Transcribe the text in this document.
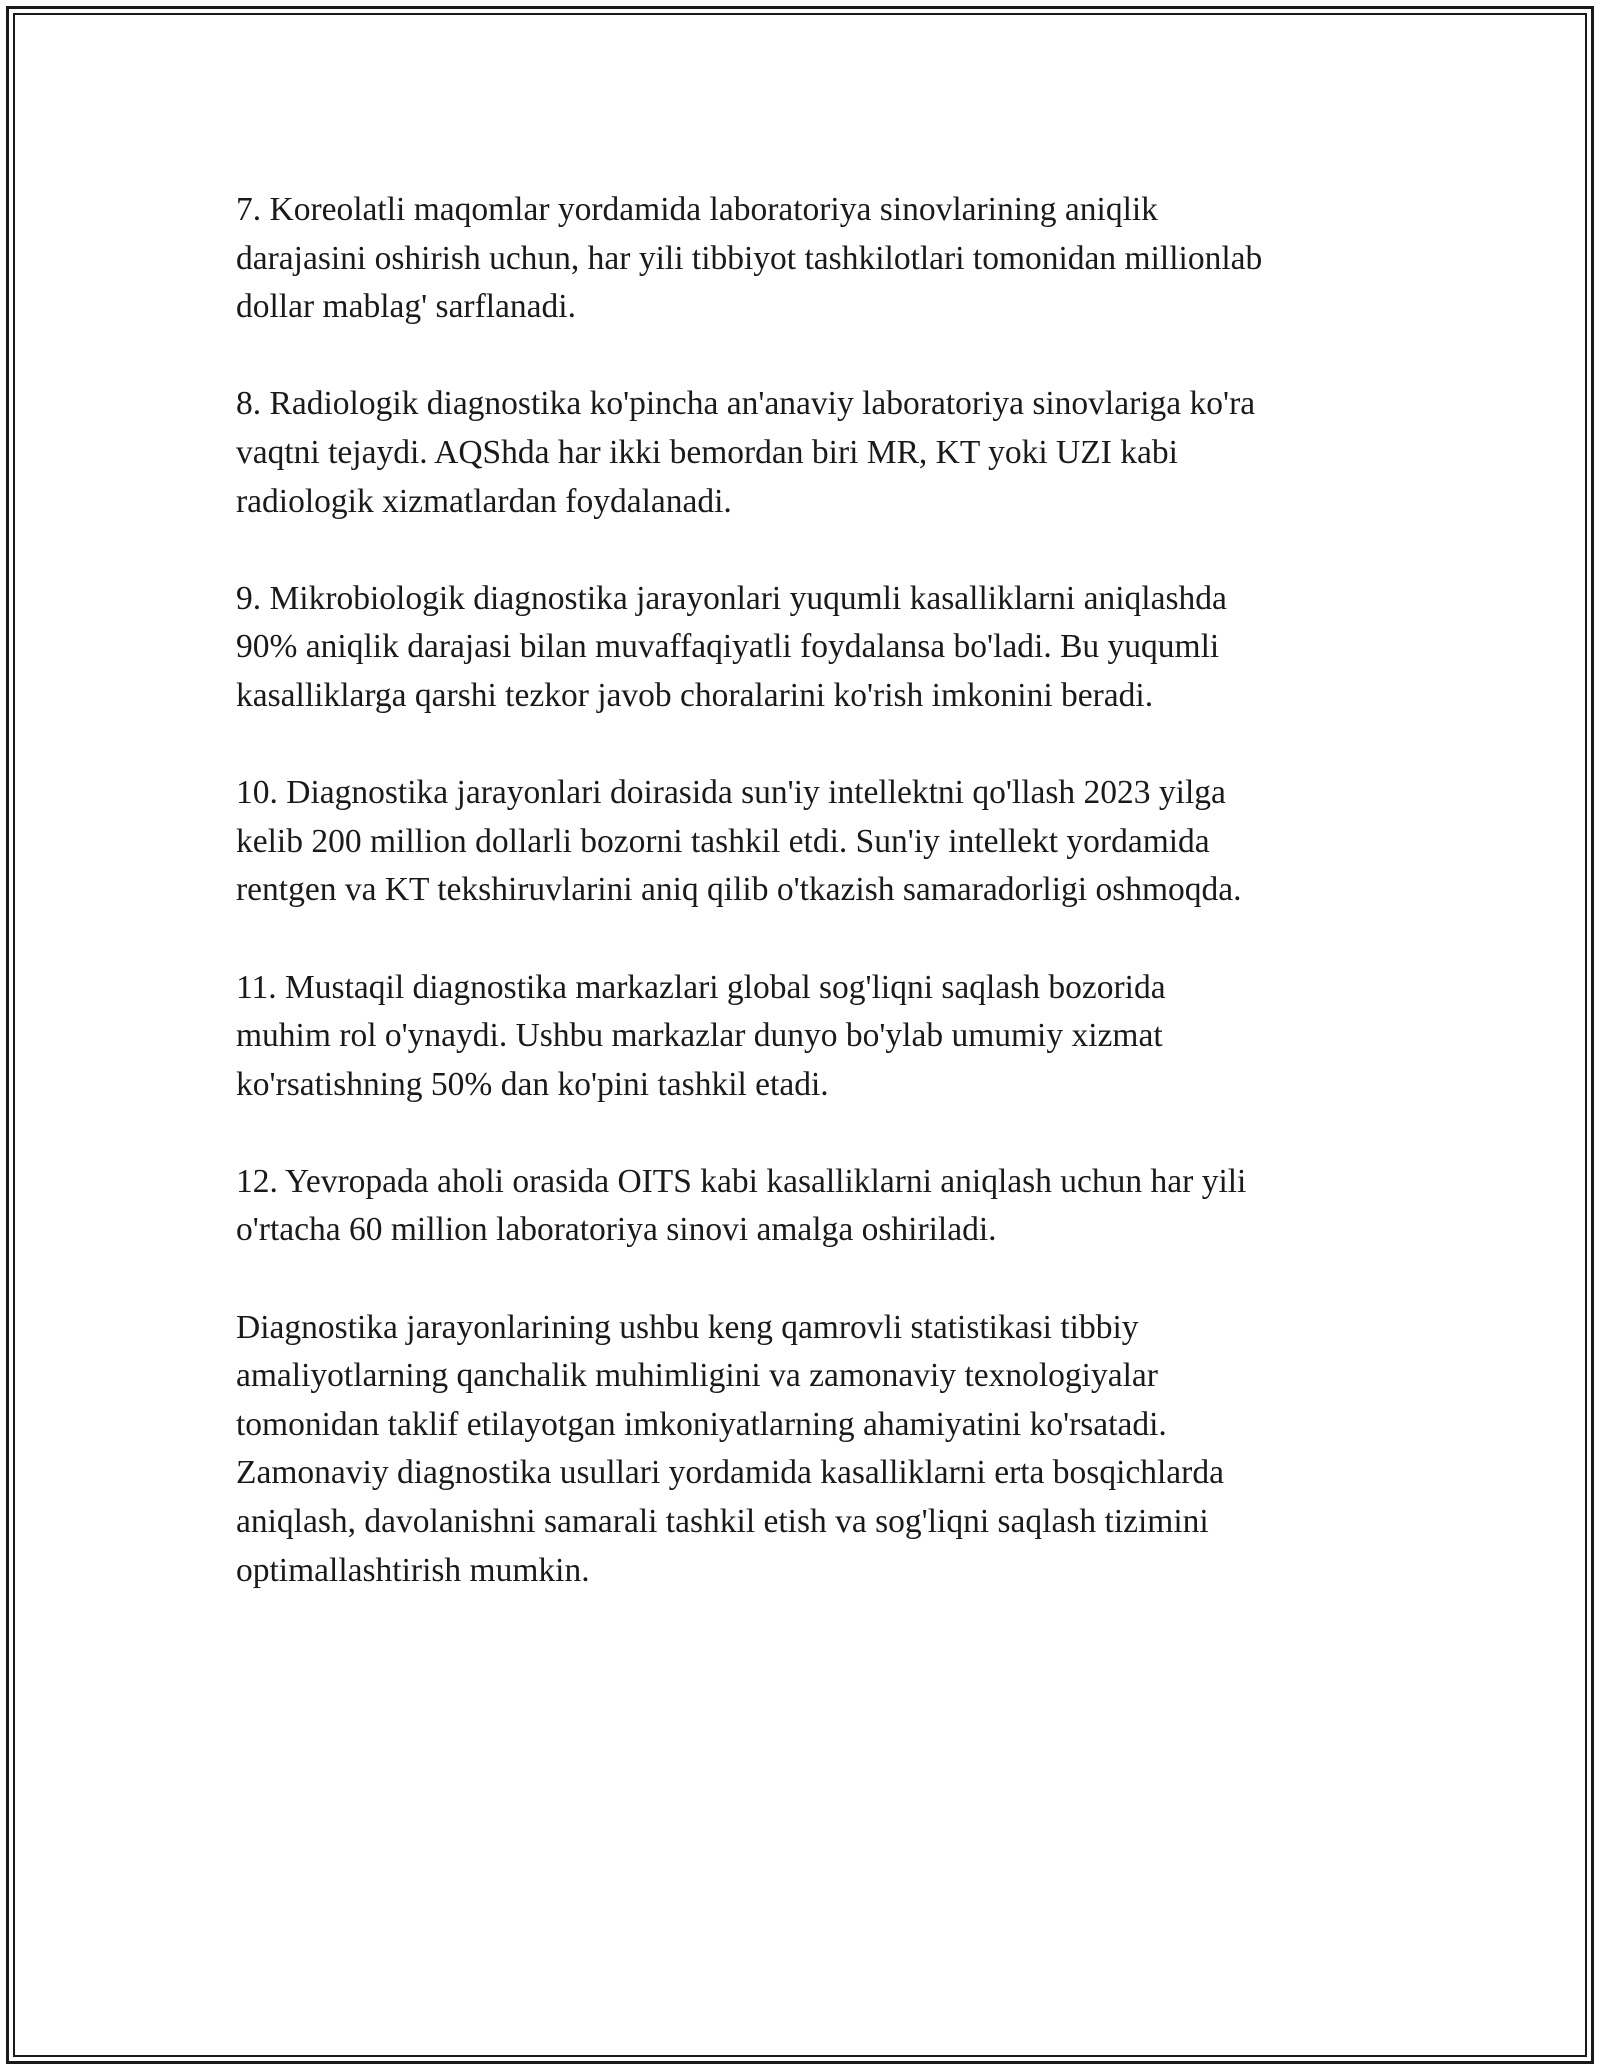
7. Koreolatli maqomlar yordamida laboratoriya sinovlarining aniqlik
darajasini oshirish uchun, har yili tibbiyot tashkilotlari tomonidan millionlab
dollar mablag' sarflanadi.

8. Radiologik diagnostika ko'pincha an'anaviy laboratoriya sinovlariga ko'ra
vaqtni tejaydi. AQShda har ikki bemordan biri MR, KT yoki UZI kabi
radiologik xizmatlardan foydalanadi.

9. Mikrobiologik diagnostika jarayonlari yuqumli kasalliklarni aniqlashda
90% aniqlik darajasi bilan muvaffaqiyatli foydalansa bo'ladi. Bu yuqumli
kasalliklarga qarshi tezkor javob choralarini ko'rish imkonini beradi.

10. Diagnostika jarayonlari doirasida sun'iy intellektni qo'llash 2023 yilga
kelib 200 million dollarli bozorni tashkil etdi. Sun'iy intellekt yordamida
rentgen va KT tekshiruvlarini aniq qilib o'tkazish samaradorligi oshmoqda.

11. Mustaqil diagnostika markazlari global sog'liqni saqlash bozorida
muhim rol o'ynaydi. Ushbu markazlar dunyo bo'ylab umumiy xizmat
ko'rsatishning 50% dan ko'pini tashkil etadi.

12. Yevropada aholi orasida OITS kabi kasalliklarni aniqlash uchun har yili
o'rtacha 60 million laboratoriya sinovi amalga oshiriladi.

Diagnostika jarayonlarining ushbu keng qamrovli statistikasi tibbiy
amaliyotlarning qanchalik muhimligini va zamonaviy texnologiyalar
tomonidan taklif etilayotgan imkoniyatlarning ahamiyatini ko'rsatadi.
Zamonaviy diagnostika usullari yordamida kasalliklarni erta bosqichlarda
aniqlash, davolanishni samarali tashkil etish va sog'liqni saqlash tizimini
optimallashtirish mumkin.
